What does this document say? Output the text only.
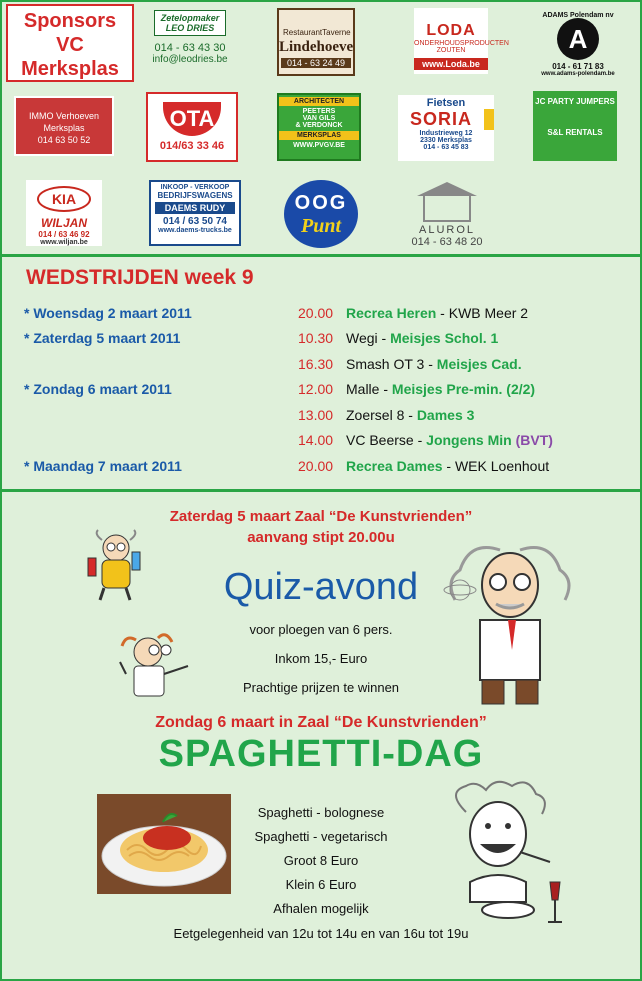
Sponsors
VC
Merksplas
Zetelopmaker LEO DRIES
014 - 63 43 30
info@leodries.be
Restaurant Taverne
Lindehoeve
014 - 63 24 49
LODA
ONDERHOUDSPRODUCTEN ZOUTEN
www.Loda.be
ADAMS Polendam nv
A
014 - 61 71 83
www.adams-polendam.be
IMMO Verhoeven
Merksplas
014 63 50 52
OTA
014/63 33 46
ARCHITECTEN
PEETERS
VAN GILS
& VERDONCK
MERKSPLAS
WWW.PVGV.BE
Fietsen
SORIA
Industrieweg 12
2330 Merksplas
014 - 63 45 83
JC PARTY JUMPERS
S&L RENTALS
KIA
WILJAN
014 / 63 46 92
www.wiljan.be
INKOOP - VERKOOP
BEDRIJFSWAGENS
DAEMS RUDY
014 / 63 50 74
www.daems-trucks.be
OOG
Punt	ALUROL
014 - 63 48 20
WEDSTRIJDEN week 9
* Woensdag 2 maart 2011
* Zaterdag 5 maart 2011
* Zondag 6 maart 2011
* Maandag 7 maart 2011
20.00 Recrea Heren - KWB Meer 2
10.30 Wegi - Meisjes Schol. 1
16.30 Smash OT 3 - Meisjes Cad.
12.00 Malle - Meisjes Pre-min. (2/2)
13.00 Zoersel 8 - Dames 3
14.00 VC Beerse - Jongens Min (BVT)
20.00 Recrea Dames - WEK Loenhout
Zaterdag 5 maart Zaal “De Kunstvrienden”
aanvang stipt 20.00u
Quiz-avond
voor ploegen van 6 pers.
Inkom 15,- Euro
Prachtige prijzen te winnen
Zondag 6 maart in Zaal “De Kunstvrienden”
SPAGHETTI-DAG
Spaghetti - bolognese
Spaghetti - vegetarisch
Groot 8 Euro
Klein 6 Euro
Afhalen mogelijk
Eetgelegenheid van 12u tot 14u en van 16u tot 19u
